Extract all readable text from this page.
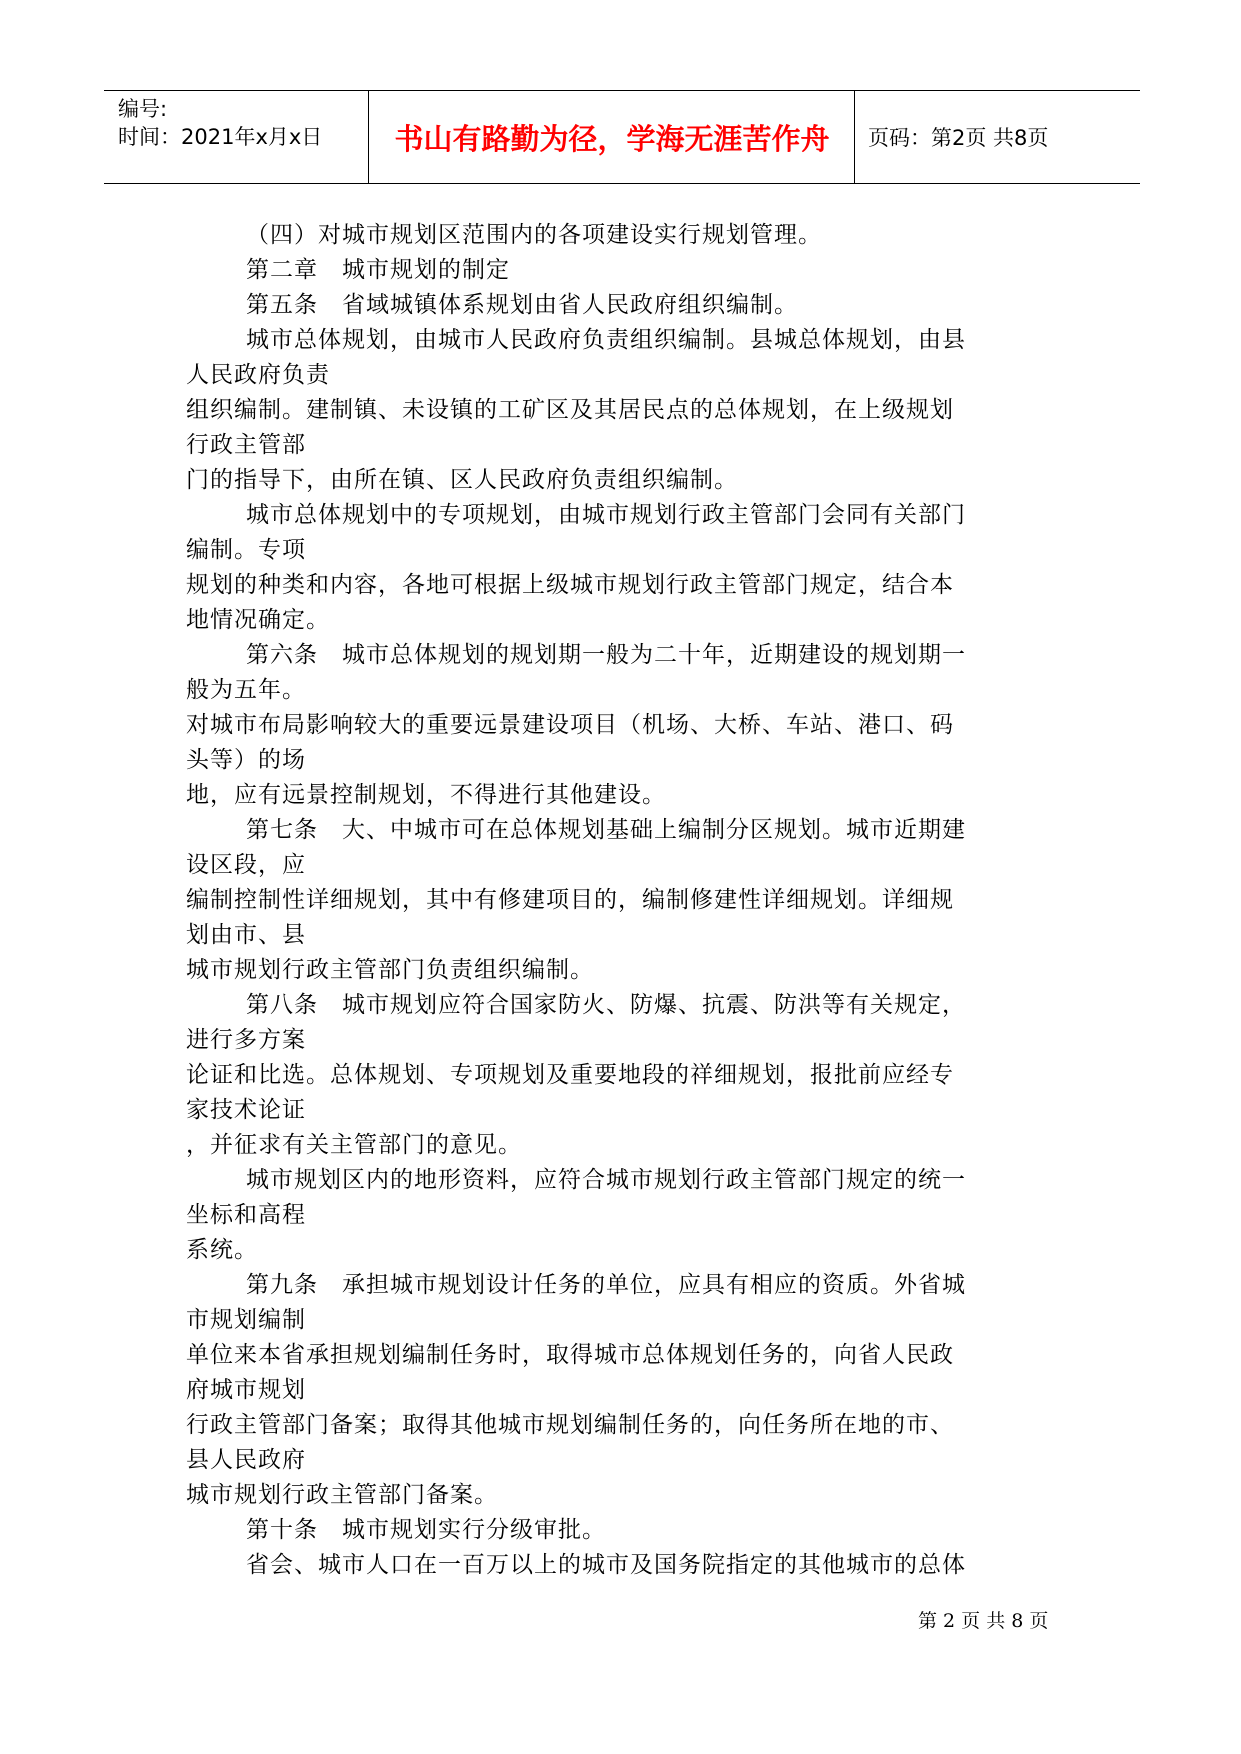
编号:
时间：2021年x月x日	书山有路勤为径，学海无涯苦作舟	页码：第2页 共8页

（四）对城市规划区范围内的各项建设实行规划管理。

第二章　城市规划的制定

第五条　省域城镇体系规划由省人民政府组织编制。

城市总体规划，由城市人民政府负责组织编制。县城总体规划，由县

人民政府负责

组织编制。建制镇、未设镇的工矿区及其居民点的总体规划，在上级规划

行政主管部

门的指导下，由所在镇、区人民政府负责组织编制。

城市总体规划中的专项规划，由城市规划行政主管部门会同有关部门

编制。专项

规划的种类和内容，各地可根据上级城市规划行政主管部门规定，结合本

地情况确定。

第六条　城市总体规划的规划期一般为二十年，近期建设的规划期一

般为五年。

对城市布局影响较大的重要远景建设项目（机场、大桥、车站、港口、码

头等）的场

地，应有远景控制规划，不得进行其他建设。

第七条　大、中城市可在总体规划基础上编制分区规划。城市近期建

设区段，应

编制控制性详细规划，其中有修建项目的，编制修建性详细规划。详细规

划由市、县

城市规划行政主管部门负责组织编制。

第八条　城市规划应符合国家防火、防爆、抗震、防洪等有关规定，

进行多方案

论证和比选。总体规划、专项规划及重要地段的祥细规划，报批前应经专

家技术论证

，并征求有关主管部门的意见。

城市规划区内的地形资料，应符合城市规划行政主管部门规定的统一

坐标和高程

系统。

第九条　承担城市规划设计任务的单位，应具有相应的资质。外省城

市规划编制

单位来本省承担规划编制任务时，取得城市总体规划任务的，向省人民政

府城市规划

行政主管部门备案；取得其他城市规划编制任务的，向任务所在地的市、

县人民政府

城市规划行政主管部门备案。

第十条　城市规划实行分级审批。

省会、城市人口在一百万以上的城市及国务院指定的其他城市的总体

第 2 页 共 8 页
